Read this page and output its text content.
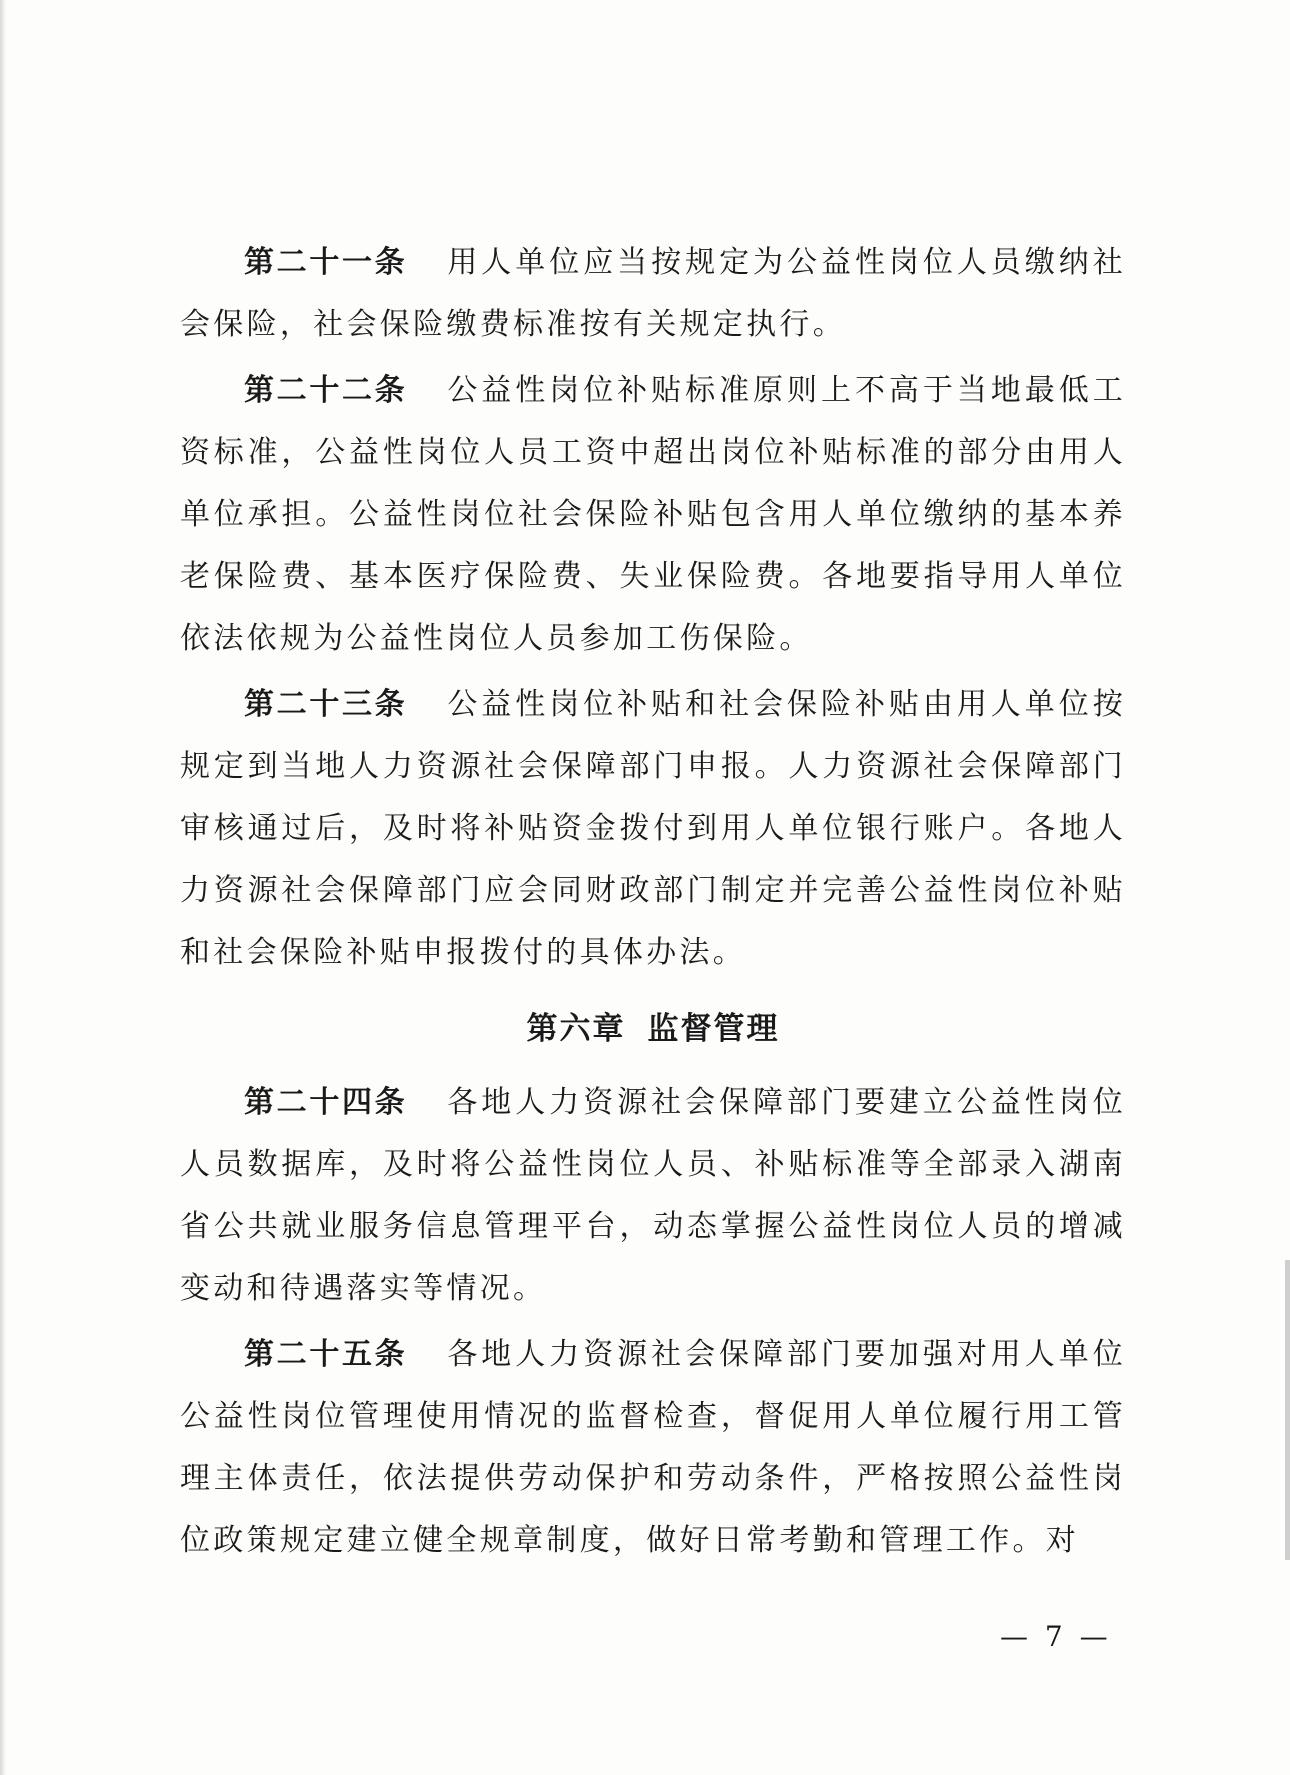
第二十一条 用人单位应当按规定为公益性岗位人员缴纳社会保险，社会保险缴费标准按有关规定执行。

第二十二条 公益性岗位补贴标准原则上不高于当地最低工资标准，公益性岗位人员工资中超出岗位补贴标准的部分由用人单位承担。公益性岗位社会保险补贴包含用人单位缴纳的基本养老保险费、基本医疗保险费、失业保险费。各地要指导用人单位依法依规为公益性岗位人员参加工伤保险。

第二十三条 公益性岗位补贴和社会保险补贴由用人单位按规定到当地人力资源社会保障部门申报。人力资源社会保障部门审核通过后，及时将补贴资金拨付到用人单位银行账户。各地人力资源社会保障部门应会同财政部门制定并完善公益性岗位补贴和社会保险补贴申报拨付的具体办法。

第六章 监督管理

第二十四条 各地人力资源社会保障部门要建立公益性岗位人员数据库，及时将公益性岗位人员、补贴标准等全部录入湖南省公共就业服务信息管理平台，动态掌握公益性岗位人员的增减变动和待遇落实等情况。

第二十五条 各地人力资源社会保障部门要加强对用人单位公益性岗位管理使用情况的监督检查，督促用人单位履行用工管理主体责任，依法提供劳动保护和劳动条件，严格按照公益性岗位政策规定建立健全规章制度，做好日常考勤和管理工作。对

— 7 —
